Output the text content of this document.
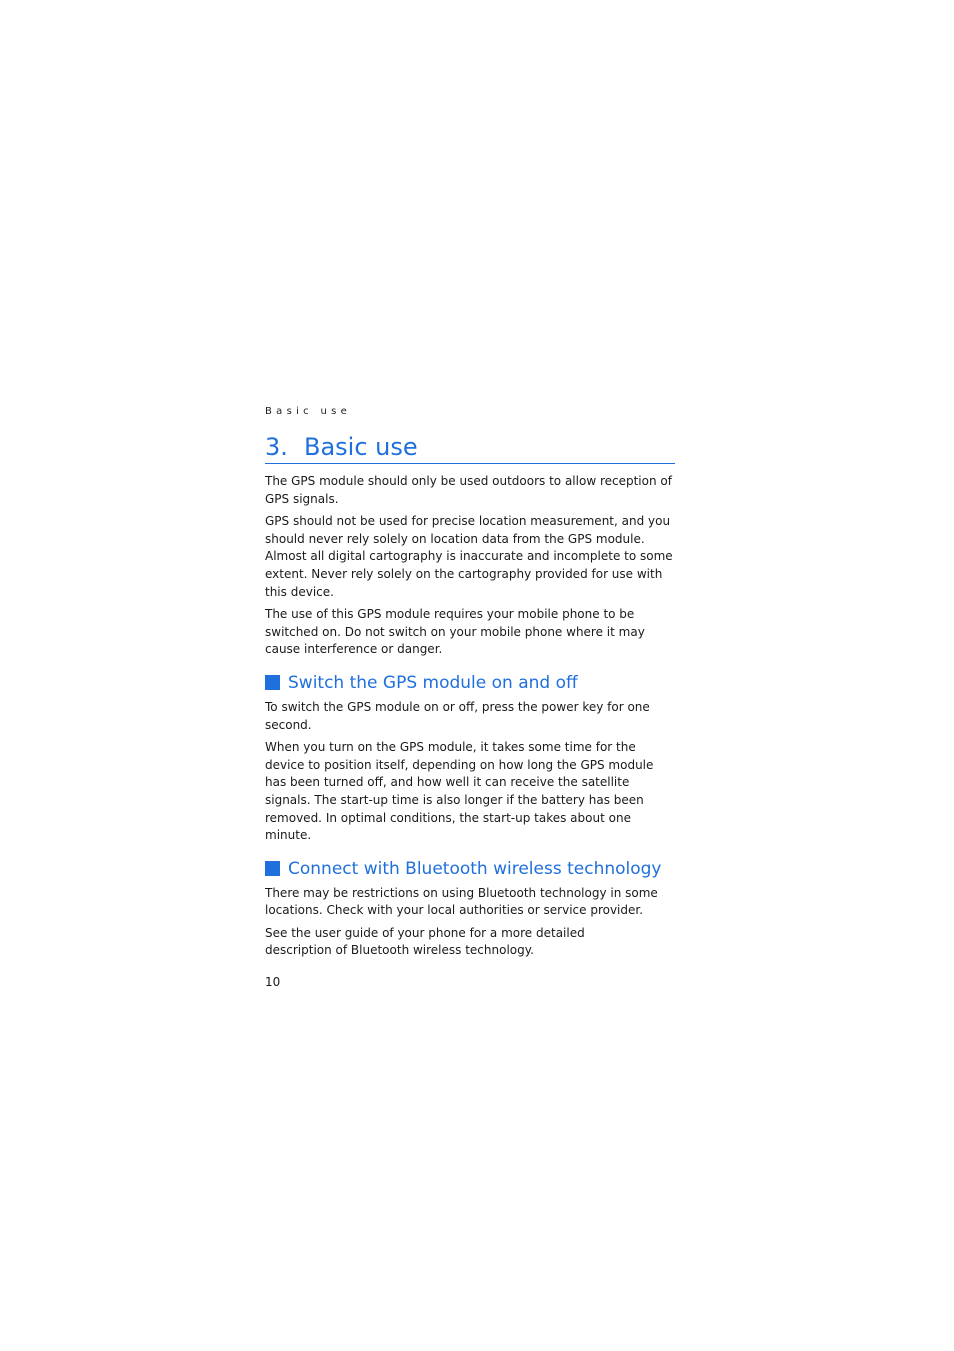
Basic use
3. Basic use

The GPS module should only be used outdoors to allow reception of GPS signals.

GPS should not be used for precise location measurement, and you should never rely solely on location data from the GPS module. Almost all digital cartography is inaccurate and incomplete to some extent. Never rely solely on the cartography provided for use with this device.

The use of this GPS module requires your mobile phone to be switched on. Do not switch on your mobile phone where it may cause interference or danger.

Switch the GPS module on and off

To switch the GPS module on or off, press the power key for one second.

When you turn on the GPS module, it takes some time for the device to position itself, depending on how long the GPS module has been turned off, and how well it can receive the satellite signals. The start-up time is also longer if the battery has been removed. In optimal conditions, the start-up takes about one minute.

Connect with Bluetooth wireless technology

There may be restrictions on using Bluetooth technology in some locations. Check with your local authorities or service provider.

See the user guide of your phone for a more detailed description of Bluetooth wireless technology.

10
